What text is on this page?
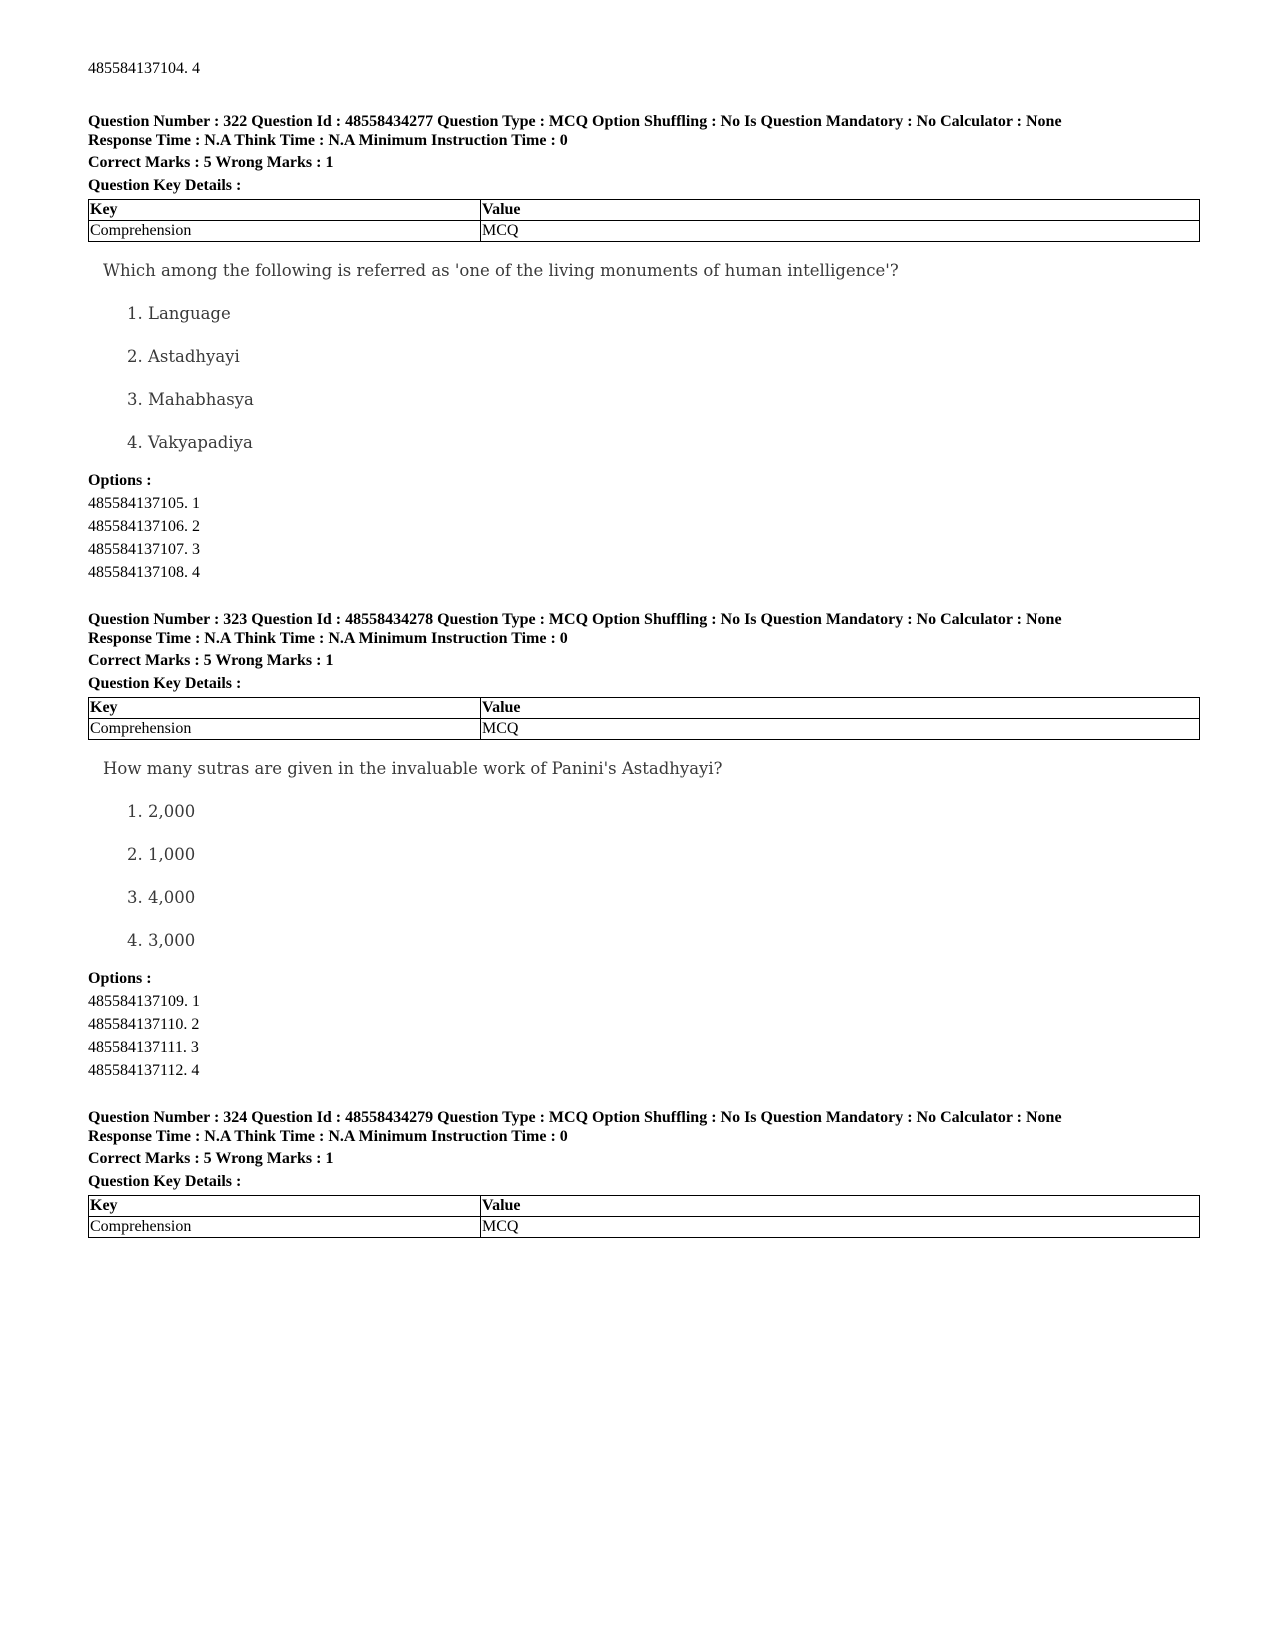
485584137104. 4
Question Number : 322 Question Id : 48558434277 Question Type : MCQ Option Shuffling : No Is Question Mandatory : No Calculator : None
Response Time : N.A Think Time : N.A Minimum Instruction Time : 0
Correct Marks : 5 Wrong Marks : 1
Question Key Details :
Key	Value
Comprehension	MCQ
Which among the following is referred as 'one of the living monuments of human intelligence'?
1. Language
2. Astadhyayi
3. Mahabhasya
4. Vakyapadiya
Options :
485584137105. 1
485584137106. 2
485584137107. 3
485584137108. 4
Question Number : 323 Question Id : 48558434278 Question Type : MCQ Option Shuffling : No Is Question Mandatory : No Calculator : None
Response Time : N.A Think Time : N.A Minimum Instruction Time : 0
Correct Marks : 5 Wrong Marks : 1
Question Key Details :
Key	Value
Comprehension	MCQ
How many sutras are given in the invaluable work of Panini's Astadhyayi?
1. 2,000
2. 1,000
3. 4,000
4. 3,000
Options :
485584137109. 1
485584137110. 2
485584137111. 3
485584137112. 4
Question Number : 324 Question Id : 48558434279 Question Type : MCQ Option Shuffling : No Is Question Mandatory : No Calculator : None
Response Time : N.A Think Time : N.A Minimum Instruction Time : 0
Correct Marks : 5 Wrong Marks : 1
Question Key Details :
Key	Value
Comprehension	MCQ
